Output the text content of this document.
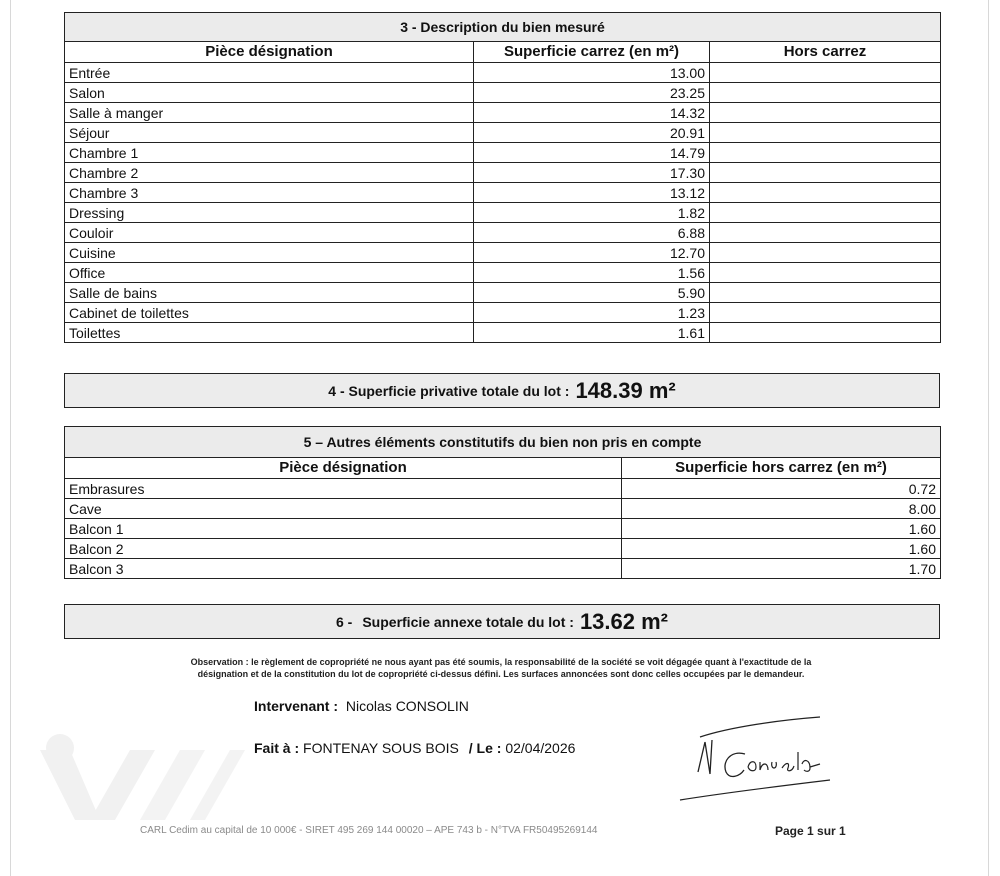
3 - Description du bien mesuré		
Pièce désignation	Superficie carrez (en m²)	Hors carrez
Entrée	13.00	
Salon	23.25	
Salle à manger	14.32	
Séjour	20.91	
Chambre 1	14.79	
Chambre 2	17.30	
Chambre 3	13.12	
Dressing	1.82	
Couloir	6.88	
Cuisine	12.70	
Office	1.56	
Salle de bains	5.90	
Cabinet de toilettes	1.23	
Toilettes	1.61	
4 - Superficie privative totale du lot : 148.39 m²
5 – Autres éléments constitutifs du bien non pris en compte	
Pièce désignation	Superficie hors carrez (en m²)
Embrasures	0.72
Cave	8.00
Balcon 1	1.60
Balcon 2	1.60
Balcon 3	1.70
6 - Superficie annexe totale du lot : 13.62 m²
Observation : le règlement de copropriété ne nous ayant pas été soumis, la responsabilité de la société se voit dégagée quant à l'exactitude de la
désignation et de la constitution du lot de copropriété ci-dessus défini. Les surfaces annoncées sont donc celles occupées par le demandeur.
Intervenant : Nicolas CONSOLIN
Fait à : FONTENAY SOUS BOIS / Le : 02/04/2026
CARL Cedim au capital de 10 000€ - SIRET 495 269 144 00020 – APE 743 b - N°TVA FR50495269144	Page 1 sur 1
